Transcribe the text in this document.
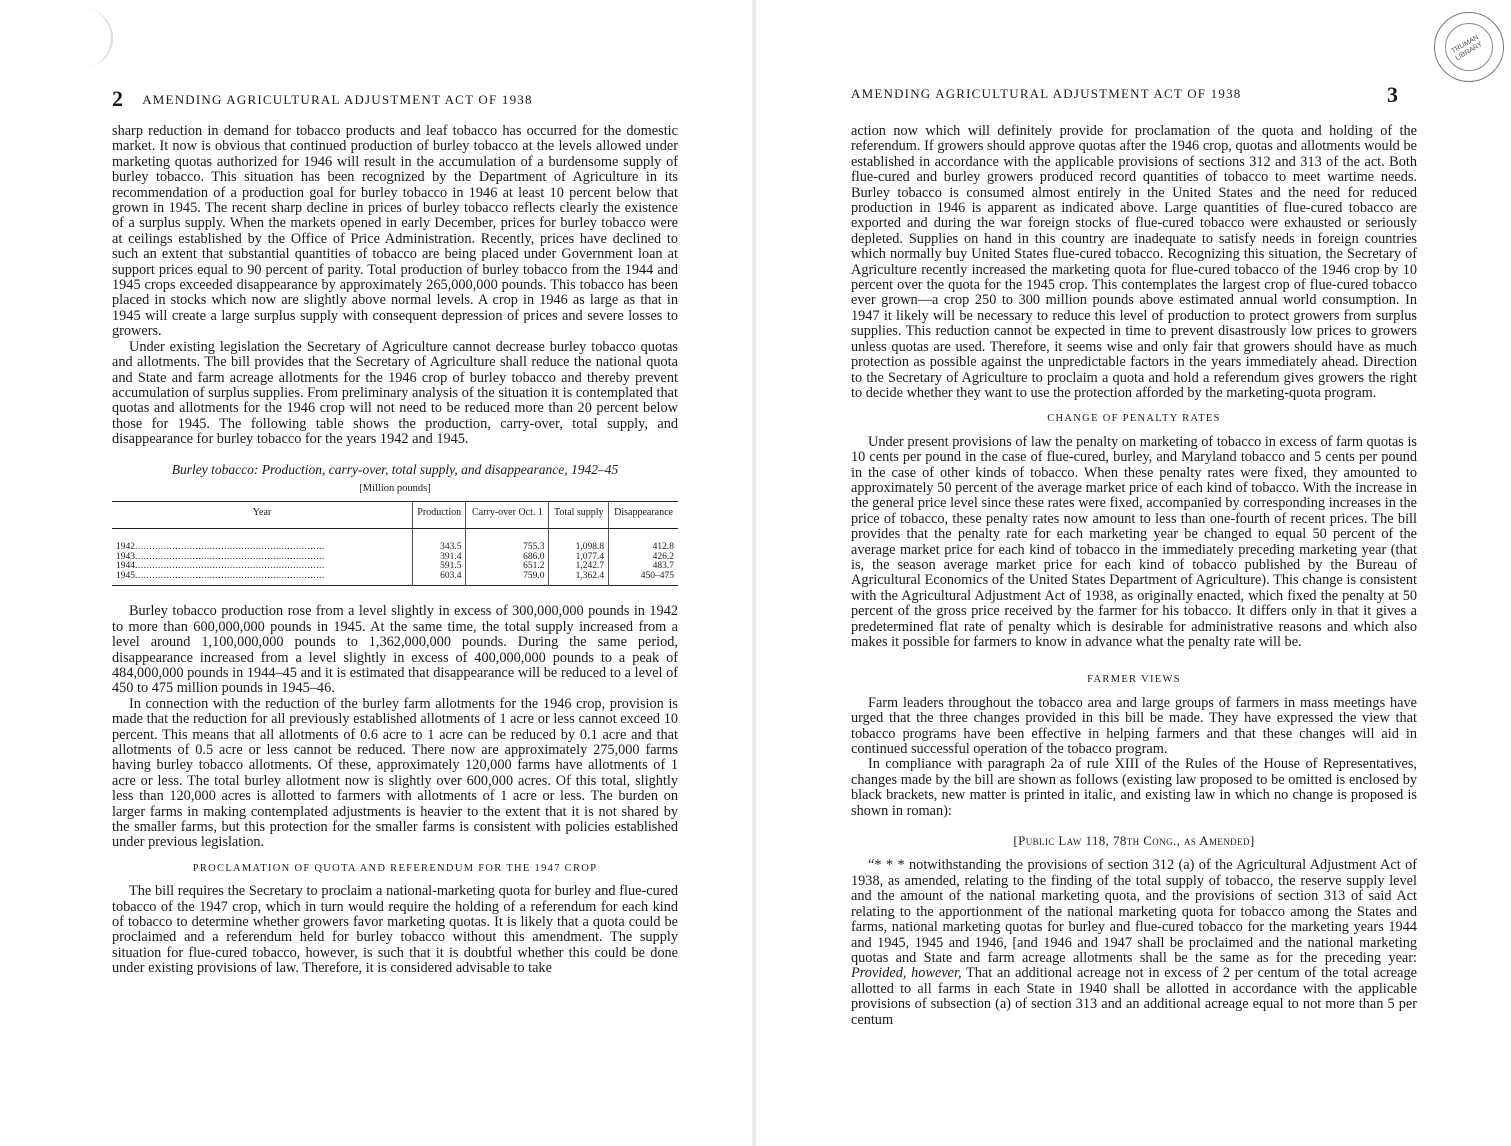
2 AMENDING AGRICULTURAL ADJUSTMENT ACT OF 1938

sharp reduction in demand for tobacco products and leaf tobacco has occurred for the domestic market. It now is obvious that continued production of burley tobacco at the levels allowed under marketing quotas authorized for 1946 will result in the accumulation of a burdensome supply of burley tobacco. This situation has been recognized by the Department of Agriculture in its recommendation of a production goal for burley tobacco in 1946 at least 10 percent below that grown in 1945. The recent sharp decline in prices of burley tobacco reflects clearly the existence of a surplus supply. When the markets opened in early December, prices for burley tobacco were at ceilings established by the Office of Price Administration. Recently, prices have declined to such an extent that substantial quantities of tobacco are being placed under Government loan at support prices equal to 90 percent of parity. Total production of burley tobacco from the 1944 and 1945 crops exceeded disappearance by approximately 265,000,000 pounds. This tobacco has been placed in stocks which now are slightly above normal levels. A crop in 1946 as large as that in 1945 will create a large surplus supply with consequent depression of prices and severe losses to growers.

Under existing legislation the Secretary of Agriculture cannot decrease burley tobacco quotas and allotments. The bill provides that the Secretary of Agriculture shall reduce the national quota and State and farm acreage allotments for the 1946 crop of burley tobacco and thereby prevent accumulation of surplus supplies. From preliminary analysis of the situation it is contemplated that quotas and allotments for the 1946 crop will not need to be reduced more than 20 percent below those for 1945. The following table shows the production, carry-over, total supply, and disappearance for burley tobacco for the years 1942 and 1945.

Burley tobacco: Production, carry-over, total supply, and disappearance, 1942–45
[Million pounds]
Year	Production	Carry-over Oct. 1	Total supply	Disappearance
1942..................................................................	343.5	755.3	1,098.8	412.8
1943..................................................................	391.4	686.0	1,077.4	426.2
1944..................................................................	591.5	651.2	1,242.7	483.7
1945..................................................................	603.4	759.0	1,362.4	450–475

Burley tobacco production rose from a level slightly in excess of 300,000,000 pounds in 1942 to more than 600,000,000 pounds in 1945. At the same time, the total supply increased from a level around 1,100,000,000 pounds to 1,362,000,000 pounds. During the same period, disappearance increased from a level slightly in excess of 400,000,000 pounds to a peak of 484,000,000 pounds in 1944–45 and it is estimated that disappearance will be reduced to a level of 450 to 475 million pounds in 1945–46.

In connection with the reduction of the burley farm allotments for the 1946 crop, provision is made that the reduction for all previously established allotments of 1 acre or less cannot exceed 10 percent. This means that all allotments of 0.6 acre to 1 acre can be reduced by 0.1 acre and that allotments of 0.5 acre or less cannot be reduced. There now are approximately 275,000 farms having burley tobacco allotments. Of these, approximately 120,000 farms have allotments of 1 acre or less. The total burley allotment now is slightly over 600,000 acres. Of this total, slightly less than 120,000 acres is allotted to farmers with allotments of 1 acre or less. The burden on larger farms in making contemplated adjustments is heavier to the extent that it is not shared by the smaller farms, but this protection for the smaller farms is consistent with policies established under previous legislation.

PROCLAMATION OF QUOTA AND REFERENDUM FOR THE 1947 CROP

The bill requires the Secretary to proclaim a national-marketing quota for burley and flue-cured tobacco of the 1947 crop, which in turn would require the holding of a referendum for each kind of tobacco to determine whether growers favor marketing quotas. It is likely that a quota could be proclaimed and a referendum held for burley tobacco without this amendment. The supply situation for flue-cured tobacco, however, is such that it is doubtful whether this could be done under existing provisions of law. Therefore, it is considered advisable to take

TRUMAN LIBRARY
AMENDING AGRICULTURAL ADJUSTMENT ACT OF 1938	3

action now which will definitely provide for proclamation of the quota and holding of the referendum. If growers should approve quotas after the 1946 crop, quotas and allotments would be established in accordance with the applicable provisions of sections 312 and 313 of the act. Both flue-cured and burley growers produced record quantities of tobacco to meet wartime needs. Burley tobacco is consumed almost entirely in the United States and the need for reduced production in 1946 is apparent as indicated above. Large quantities of flue-cured tobacco are exported and during the war foreign stocks of flue-cured tobacco were exhausted or seriously depleted. Supplies on hand in this country are inadequate to satisfy needs in foreign countries which normally buy United States flue-cured tobacco. Recognizing this situation, the Secretary of Agriculture recently increased the marketing quota for flue-cured tobacco of the 1946 crop by 10 percent over the quota for the 1945 crop. This contemplates the largest crop of flue-cured tobacco ever grown—a crop 250 to 300 million pounds above estimated annual world consumption. In 1947 it likely will be necessary to reduce this level of production to protect growers from surplus supplies. This reduction cannot be expected in time to prevent disastrously low prices to growers unless quotas are used. Therefore, it seems wise and only fair that growers should have as much protection as possible against the unpredictable factors in the years immediately ahead. Direction to the Secretary of Agriculture to proclaim a quota and hold a referendum gives growers the right to decide whether they want to use the protection afforded by the marketing-quota program.

CHANGE OF PENALTY RATES

Under present provisions of law the penalty on marketing of tobacco in excess of farm quotas is 10 cents per pound in the case of flue-cured, burley, and Maryland tobacco and 5 cents per pound in the case of other kinds of tobacco. When these penalty rates were fixed, they amounted to approximately 50 percent of the average market price of each kind of tobacco. With the increase in the general price level since these rates were fixed, accompanied by corresponding increases in the price of tobacco, these penalty rates now amount to less than one-fourth of recent prices. The bill provides that the penalty rate for each marketing year be changed to equal 50 percent of the average market price for each kind of tobacco in the immediately preceding marketing year (that is, the season average market price for each kind of tobacco published by the Bureau of Agricultural Economics of the United States Department of Agriculture). This change is consistent with the Agricultural Adjustment Act of 1938, as originally enacted, which fixed the penalty at 50 percent of the gross price received by the farmer for his tobacco. It differs only in that it gives a predetermined flat rate of penalty which is desirable for administrative reasons and which also makes it possible for farmers to know in advance what the penalty rate will be.

FARMER VIEWS

Farm leaders throughout the tobacco area and large groups of farmers in mass meetings have urged that the three changes provided in this bill be made. They have expressed the view that tobacco programs have been effective in helping farmers and that these changes will aid in continued successful operation of the tobacco program.

In compliance with paragraph 2a of rule XIII of the Rules of the House of Representatives, changes made by the bill are shown as follows (existing law proposed to be omitted is enclosed by black brackets, new matter is printed in italic, and existing law in which no change is proposed is shown in roman):

[Public Law 118, 78th Cong., as Amended]

“* * * notwithstanding the provisions of section 312 (a) of the Agricultural Adjustment Act of 1938, as amended, relating to the finding of the total supply of tobacco, the reserve supply level and the amount of the national marketing quota, and the provisions of section 313 of said Act relating to the apportionment of the national marketing quota for tobacco among the States and farms, national marketing quotas for burley and flue-cured tobacco for the marketing years 1944 and 1945, 1945 and 1946, [and 1946 and 1947 shall be proclaimed and the national marketing quotas and State and farm acreage allotments shall be the same as for the preceding year: Provided, however, That an additional acreage not in excess of 2 per centum of the total acreage allotted to all farms in each State in 1940 shall be allotted in accordance with the applicable provisions of subsection (a) of section 313 and an additional acreage equal to not more than 5 per centum
